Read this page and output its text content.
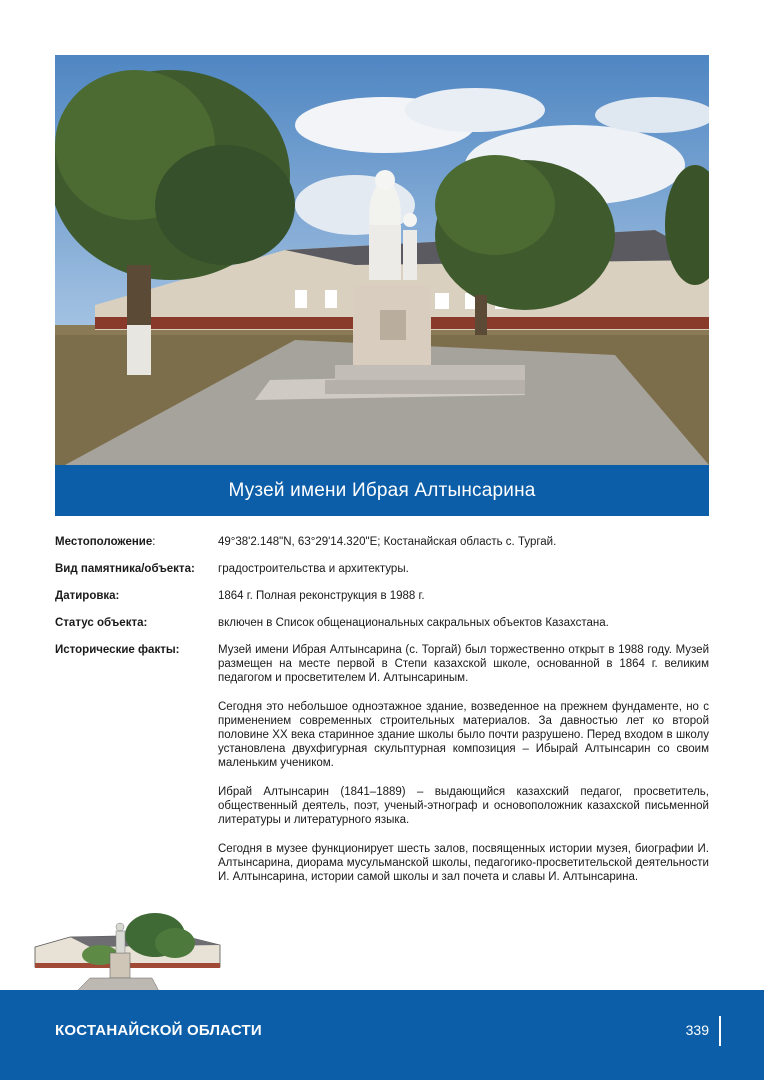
Музей имени Ибрая Алтынсарина
Местоположение:	49°38'2.148"N, 63°29'14.320"E; Костанайская область с. Тургай.
Вид памятника/объекта:	градостроительства и архитектуры.
Датировка:	1864 г. Полная реконструкция в 1988 г.
Статус объекта:	включен в Список общенациональных сакральных объектов Казахстана.
Исторические факты:	Музей имени Ибрая Алтынсарина (с. Торгай) был торжественно открыт в 1988 году. Музей размещен на месте первой в Степи казахской школе, основанной в 1864 г. великим педагогом и просветителем И. Алтынсариным.

Сегодня это небольшое одноэтажное здание, возведенное на прежнем фундаменте, но с применением современных строительных материалов. За давностью лет ко второй половине XX века старинное здание школы было почти разрушено. Перед входом в школу установлена двухфигурная скульптурная композиция – Ибырай Алтынсарин со своим маленьким учеником.

Ибрай Алтынсарин (1841–1889) – выдающийся казахский педагог, просветитель, общественный деятель, поэт, ученый-этнограф и основоположник казахской письменной литературы и литературного языка.

Сегодня в музее функционирует шесть залов, посвященных истории музея, биографии И. Алтынсарина, диорама мусульманской школы, педагогико-просветительской деятельности И. Алтынсарина, истории самой школы и зал почета и славы И. Алтынсарина.

КОСТАНАЙСКОЙ ОБЛАСТИ	339
